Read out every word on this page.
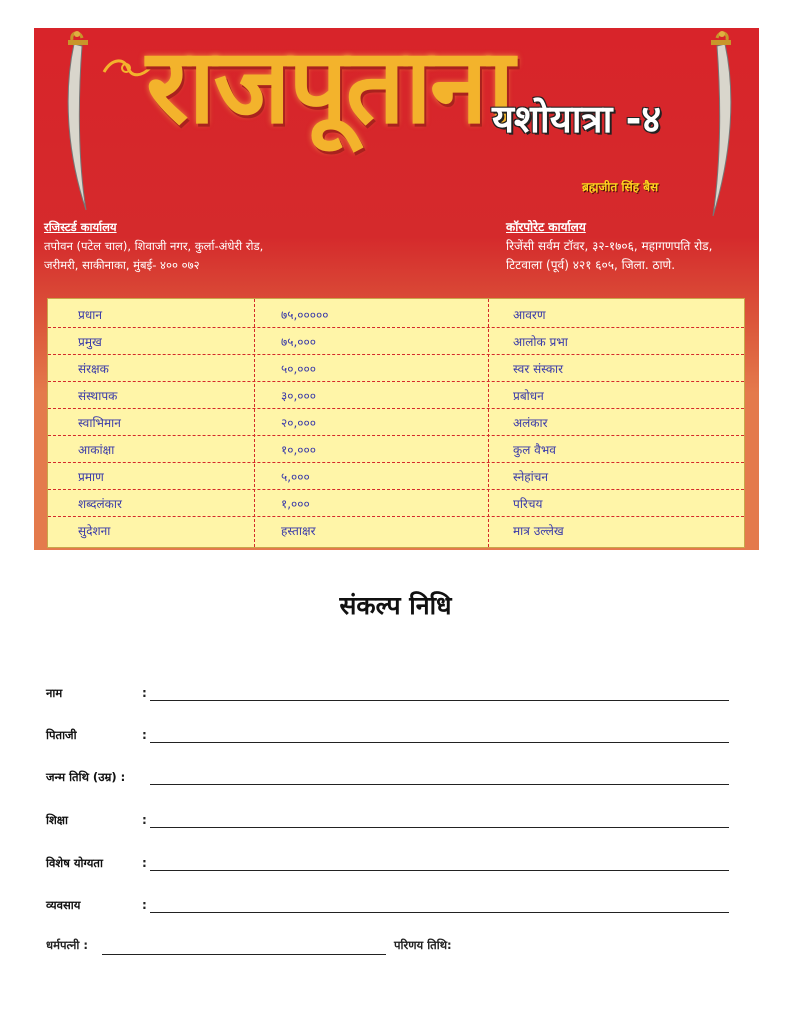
राजपूताना
यशोयात्रा -४
ब्रह्मजीत सिंह बैस
रजिस्टर्ड कार्यालय
तपोवन (पटेल चाल), शिवाजी नगर, कुर्ला-अंधेरी रोड,
जरीमरी, साकीनाका, मुंबई- ४०० ०७२
कॉरपोरेट कार्यालय
रिजेंसी सर्वम टॉवर, ३२-१७०६, महागणपति रोड,
टिटवाला (पूर्व) ४२१ ६०५, जिला. ठाणे.
प्रधान	७५,०००००	आवरण
प्रमुख	७५,०००	आलोक प्रभा
संरक्षक	५०,०००	स्वर संस्कार
संस्थापक	३०,०००	प्रबोधन
स्वाभिमान	२०,०००	अलंकार
आकांक्षा	१०,०००	कुल वैभव
प्रमाण	५,०००	स्नेहांचन
शब्दलंकार	१,०००	परिचय
सुदेशना	हस्ताक्षर	मात्र उल्लेख
संकल्प निधि
नाम	:
पिताजी	:
जन्म तिथि (उम्र) :
शिक्षा	:
विशेष योग्यता	:
व्यवसाय	:
धर्मपत्नी :	परिणय तिथि:
